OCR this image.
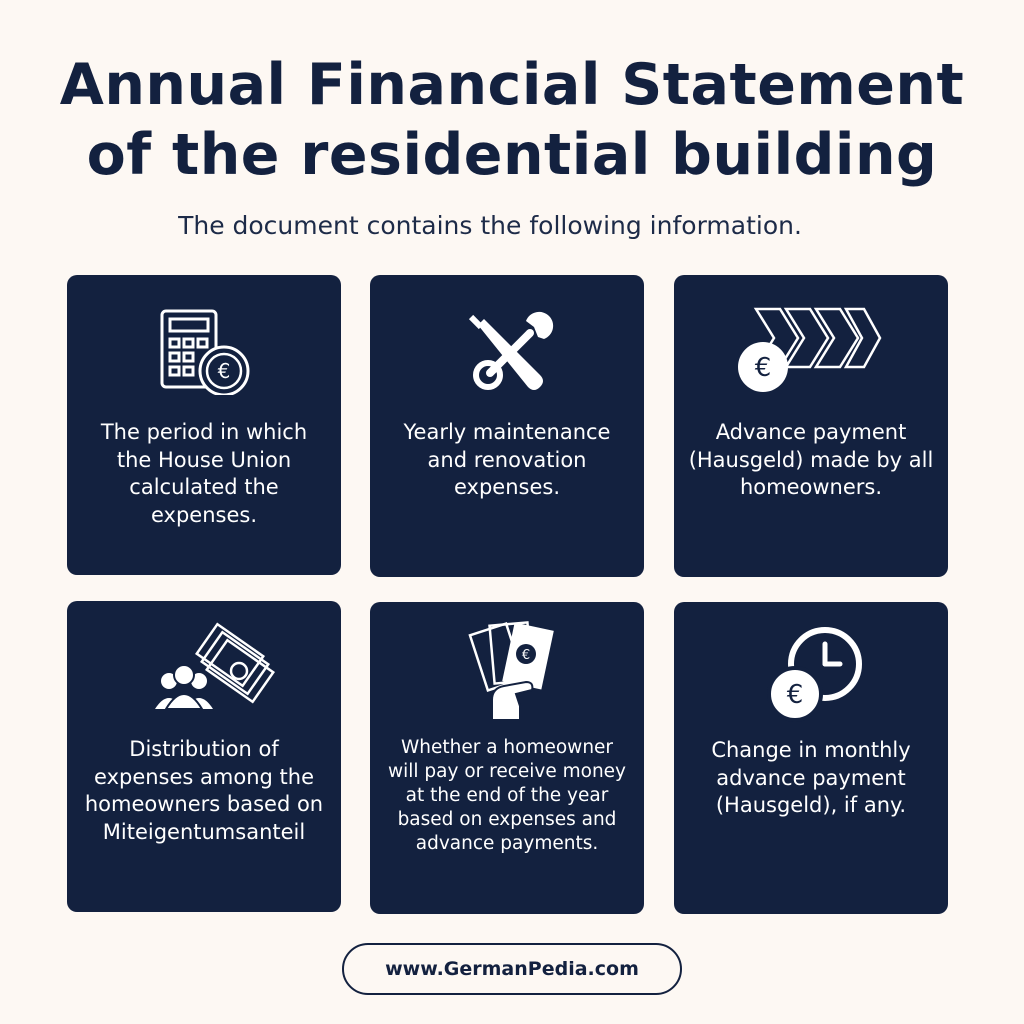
Annual Financial Statement
of the residential building
The document contains the following information.
€
The period in which the House Union calculated the expenses.
Yearly maintenance and renovation expenses.
€
Advance payment (Hausgeld) made by all homeowners.
Distribution of expenses among the homeowners based on Miteigentumsanteil
€
Whether a homeowner will pay or receive money at the end of the year based on expenses and advance payments.
€
Change in monthly advance payment (Hausgeld), if any.
www.GermanPedia.com
